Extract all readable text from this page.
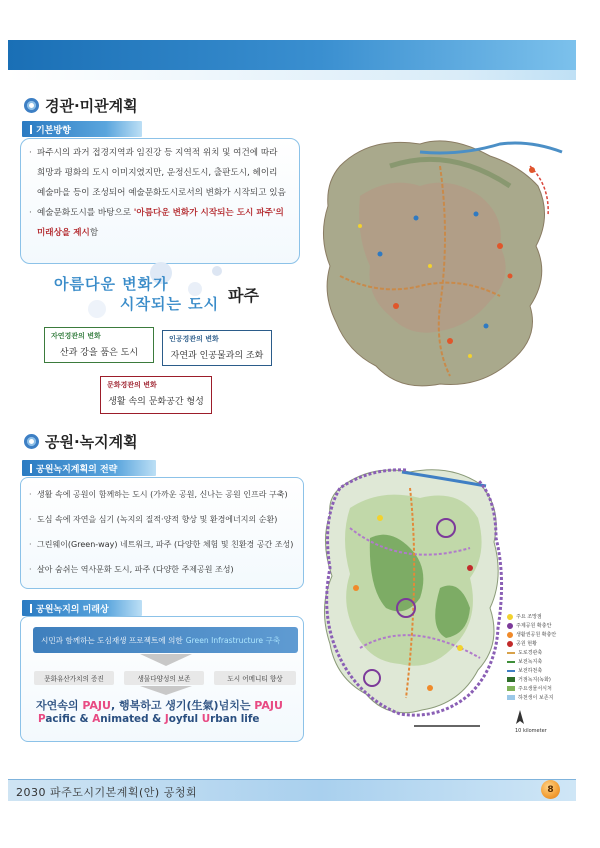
경관·미관계획
기본방향
· 파주시의 과거 접경지역과 임진강 등 지역적 위치 및 여건에 따라
희망과 평화의 도시 이미지였지만, 운정신도시, 출판도시, 헤이리
예술마을 등이 조성되어 예술문화도시로서의 변화가 시작되고 있음
· 예술문화도시를 바탕으로 '아름다운 변화가 시작되는 도시 파주'의
미래상을 제시함
아름다운 변화가
시작되는 도시 파주
자연경관의 변화
산과 강을 품은 도시
인공경관의 변화
자연과 인공물과의 조화
문화경관의 변화
생활 속의 문화공간 형성
공원·녹지계획
공원녹지계획의 전략
· 생활 속에 공원이 함께하는 도시 (가까운 공원, 신나는 공원 인프라 구축)
· 도심 속에 자연을 심기 (녹지의 질적·양적 향상 및 환경에너지의 순환)
· 그린웨이(Green-way) 네트워크, 파주 (다양한 체험 및 친환경 공간 조성)
· 살아 숨쉬는 역사문화 도시, 파주 (다양한 주제공원 조성)
공원녹지의 미래상
시민과 함께하는 도심재생 프로젝트에 의한 Green Infrastructure 구축
문화유산가치의 증진	생물다양성의 보존	도시 어메니티 향상
자연속의 PAJU, 행복하고 생기(生氣)넘치는 PAJU
Pacific & Animated & Joyful Urban life
주요 조망점
주제공원 확충안
생활권공원 확충안
공원 현황
도로경관축
보전녹지축
보전하천축
거점녹지(녹화)
주요생물서식처
하천생이 보존지
10 kilometer
2030 파주도시기본계획(안) 공청회	8
